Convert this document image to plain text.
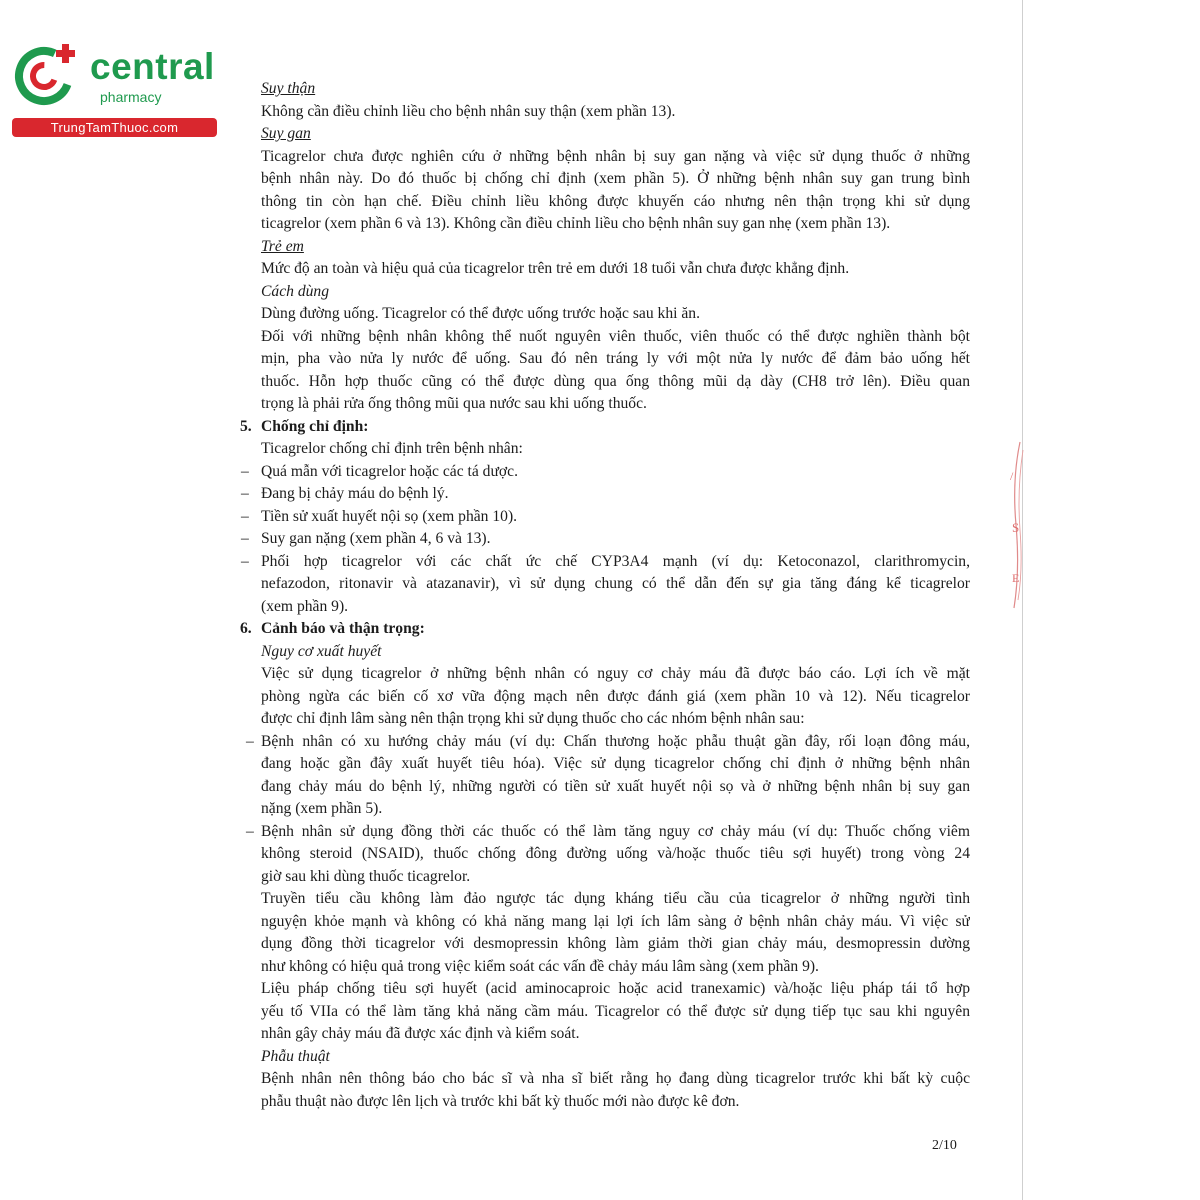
central
pharmacy
TrungTamThuoc.com
/
S
E
Suy thận
Không cần điều chỉnh liều cho bệnh nhân suy thận (xem phần 13).
Suy gan
Ticagrelor chưa được nghiên cứu ở những bệnh nhân bị suy gan nặng và việc sử dụng thuốc ở những
bệnh nhân này. Do đó thuốc bị chống chỉ định (xem phần 5). Ở những bệnh nhân suy gan trung bình
thông tin còn hạn chế. Điều chỉnh liều không được khuyến cáo nhưng nên thận trọng khi sử dụng
ticagrelor (xem phần 6 và 13). Không cần điều chỉnh liều cho bệnh nhân suy gan nhẹ (xem phần 13).
Trẻ em
Mức độ an toàn và hiệu quả của ticagrelor trên trẻ em dưới 18 tuổi vẫn chưa được khẳng định.
Cách dùng
Dùng đường uống. Ticagrelor có thể được uống trước hoặc sau khi ăn.
Đối với những bệnh nhân không thể nuốt nguyên viên thuốc, viên thuốc có thể được nghiền thành bột
mịn, pha vào nửa ly nước để uống. Sau đó nên tráng ly với một nửa ly nước để đảm bảo uống hết
thuốc. Hỗn hợp thuốc cũng có thể được dùng qua ống thông mũi dạ dày (CH8 trở lên). Điều quan
trọng là phải rửa ống thông mũi qua nước sau khi uống thuốc.
5. Chống chỉ định:
Ticagrelor chống chỉ định trên bệnh nhân:
– Quá mẫn với ticagrelor hoặc các tá dược.
– Đang bị chảy máu do bệnh lý.
– Tiền sử xuất huyết nội sọ (xem phần 10).
– Suy gan nặng (xem phần 4, 6 và 13).
– Phối hợp ticagrelor với các chất ức chế CYP3A4 mạnh (ví dụ: Ketoconazol, clarithromycin,
nefazodon, ritonavir và atazanavir), vì sử dụng chung có thể dẫn đến sự gia tăng đáng kể ticagrelor
(xem phần 9).
6. Cảnh báo và thận trọng:
Nguy cơ xuất huyết
Việc sử dụng ticagrelor ở những bệnh nhân có nguy cơ chảy máu đã được báo cáo. Lợi ích về mặt
phòng ngừa các biến cố xơ vữa động mạch nên được đánh giá (xem phần 10 và 12). Nếu ticagrelor
được chỉ định lâm sàng nên thận trọng khi sử dụng thuốc cho các nhóm bệnh nhân sau:
– Bệnh nhân có xu hướng chảy máu (ví dụ: Chấn thương hoặc phẫu thuật gần đây, rối loạn đông máu,
đang hoặc gần đây xuất huyết tiêu hóa). Việc sử dụng ticagrelor chống chỉ định ở những bệnh nhân
đang chảy máu do bệnh lý, những người có tiền sử xuất huyết nội sọ và ở những bệnh nhân bị suy gan
nặng (xem phần 5).
– Bệnh nhân sử dụng đồng thời các thuốc có thể làm tăng nguy cơ chảy máu (ví dụ: Thuốc chống viêm
không steroid (NSAID), thuốc chống đông đường uống và/hoặc thuốc tiêu sợi huyết) trong vòng 24
giờ sau khi dùng thuốc ticagrelor.
Truyền tiểu cầu không làm đảo ngược tác dụng kháng tiểu cầu của ticagrelor ở những người tình
nguyện khỏe mạnh và không có khả năng mang lại lợi ích lâm sàng ở bệnh nhân chảy máu. Vì việc sử
dụng đồng thời ticagrelor với desmopressin không làm giảm thời gian chảy máu, desmopressin dường
như không có hiệu quả trong việc kiểm soát các vấn đề chảy máu lâm sàng (xem phần 9).
Liệu pháp chống tiêu sợi huyết (acid aminocaproic hoặc acid tranexamic) và/hoặc liệu pháp tái tổ hợp
yếu tố VIIa có thể làm tăng khả năng cầm máu. Ticagrelor có thể được sử dụng tiếp tục sau khi nguyên
nhân gây chảy máu đã được xác định và kiểm soát.
Phẫu thuật
Bệnh nhân nên thông báo cho bác sĩ và nha sĩ biết rằng họ đang dùng ticagrelor trước khi bất kỳ cuộc
phẫu thuật nào được lên lịch và trước khi bất kỳ thuốc mới nào được kê đơn.
2/10
